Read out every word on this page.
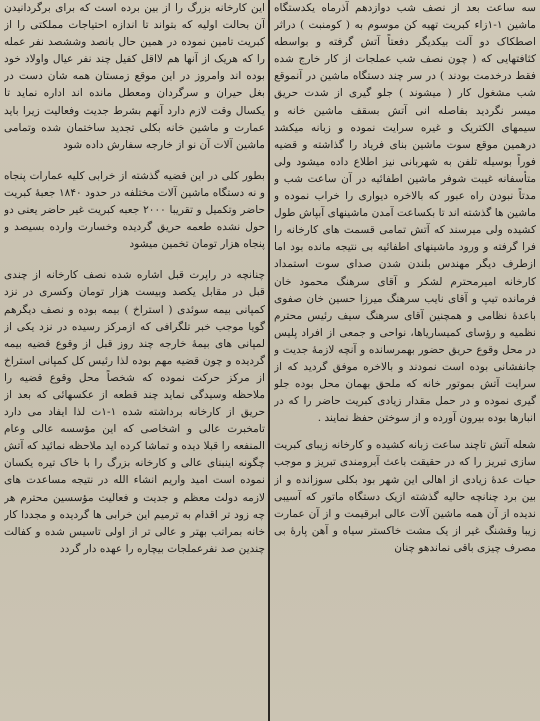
سه ساعت بعد از نصف شب دوازدهم آذرماه یکدستگاه ماشین ۱-۱زاء کبریت تهیه کن موسوم به ( کومنبت ) دراثر اصطکاک دو آلت بیکدیگر دفعتاً آتش گرفته و بواسطه کثافتهایی که ( چون نصف شب عملجات از کار خارج شده فقط درخدمت بودند ) در سر چند دستگاه ماشین در آنموقع شب مشغول کار ( میشوند ) جلو گیری از شدت حریق میسر نگردید بفاصله انی آتش بسقف ماشین خانه و سیمهای الکتریک و غیره سرایت نموده و زبانه میکشد درهمین موقع سوت ماشین بنای فریاد را گذاشته و قضیه فوراً بوسیله تلفن به شهربانی نیز اطلاع داده میشود ولی متأسفانه غیبت شوفر ماشین اطفائیه در آن ساعت شب و مدتاً نبودن راه عبور که بالاخره دیواری را خراب نموده و ماشین ها گذشته اند تا بکساعت آمدن ماشینهای آبپاش طول کشیده ولی میرسند که آتش تمامی قسمت های کارخانه را فرا گرفته و ورود ماشینهای اطفائیه بی نتیجه مانده بود اما ازطرف دیگر مهندس بلندن شدن صدای سوت استمداد کارخانه امیرمحترم لشکر و آقای سرهنگ محمود خان فرمانده تیپ و آقای نایب سرهنگ میرزا حسین خان صفوی باعدهٔ نظامی و همچنین آقای سرهنگ سیف رئیس محترم نظمیه و رؤسای کمیساریاها، نواحی و جمعی از افراد پلیس در محل وقوع حریق حضور بهمرسانده و آنچه لازمهٔ جدیت و جانفشانی بوده است نمودند و بالاخره موفق گردید که از سرایت آتش بموتور خانه که ملحق بهمان محل بوده جلو گیری نموده و در حمل مقدار زیادی کبریت حاضر را که در انبارها بوده بیرون آورده و از سوختن حفظ نمایند .

شعله آتش تاچند ساعت زبانه کشیده و کارخانه زیبای کبریت سازی تبریز را که در حقیقت باعث آبرومندی تبریز و موجب حیات عدهٔ زیادی از اهالی این شهر بود بکلی سوزانده و از بین برد چنانچه حالیه گذشته ازیک دستگاه ماتور که آسیبی ندیده از آن همه ماشین آلات عالی ابرقیمت و از آن عمارت زیبا وقشنگ غیر از یک مشت خاکستر سیاه و آهن پارهٔ بی مصرف چیزی باقی نماندهو چنان

این کارخانه بزرگ را از بین برده است که برای برگردانیدن آن بحالت اولیه که بتواند تا اندازه احتیاجات مملکتی را از کبریت تامین نموده در همین حال بانصد وششصد نفر عمله را که هریک از آنها هم لااقل کفیل چند نفر عیال واولاد خود بوده اند وامروز در این موقع زمستان همه شان دست در بغل حیران و سرگردان ومعطل مانده اند اداره نماید تا یکسال وقت لازم دارد آنهم بشرط جدیت وفعالیت زیرا باید عمارت و ماشین خانه بکلی تجدید ساختمان شده وتمامی ماشین آلات آن نو از خارجه سفارش داده شود

بطور کلی در این قضیه گذشته از خرابی کلیه عمارات پنجاه و نه دستگاه ماشین آلات مختلفه در حدود ۱۸۴۰ جعبهٔ کبریت حاضر وتکمیل و تقریبا ۲۰۰۰ جعبه کبریت غیر حاضر یعنی دو حول نشده طعمه حریق گردیده وخسارت وارده بسیصد و پنجاه هزار تومان تخمین میشود

چنانچه در راپرت قبل اشاره شده نصف کارخانه از چندی قبل در مقابل یکصد وبیست هزار تومان وکسری در نزد کمپانی بیمه سوئدی ( استراخ ) بیمه بوده و نصف دیگرهم گویا موجب خبر تلگرافی که ازمرکز رسیده در نزد یکی از لمپانی های بیمهٔ خارجه چند روز قبل از وقوع قضیه بیمه گردیده و چون قضیه مهم بوده لذا رئیس کل کمپانی استراخ از مرکز حرکت نموده که شخصاً محل وقوع قضیه را ملاحظه وسیدگی نماید چند قطعه از عکسهائی که بعد از حریق از کارخانه برداشته شده ۱-۱ت لذا ایفاد می دارد تامخبرت عالی و اشخاصی که این مؤسسه عالی وعام المنفعه را قبلا دیده و تماشا کرده اید ملاحظه نمائید که آتش چگونه اینبنای عالی و کارخانه بزرگ را با خاک تیره یکسان نموده است امید واریم انشاء الله در نتیجه مساعدت های لازمه دولت معظم و جدیت و فعالیت مؤسسین محترم هر چه زود تر اقدام به ترمیم این خرابی ها گردیده و مجددا کار خانه بمراتب بهتر و عالی تر از اولی تاسیس شده و کفالت چندین صد نفرعملجات بیچاره را عهده دار گردد
